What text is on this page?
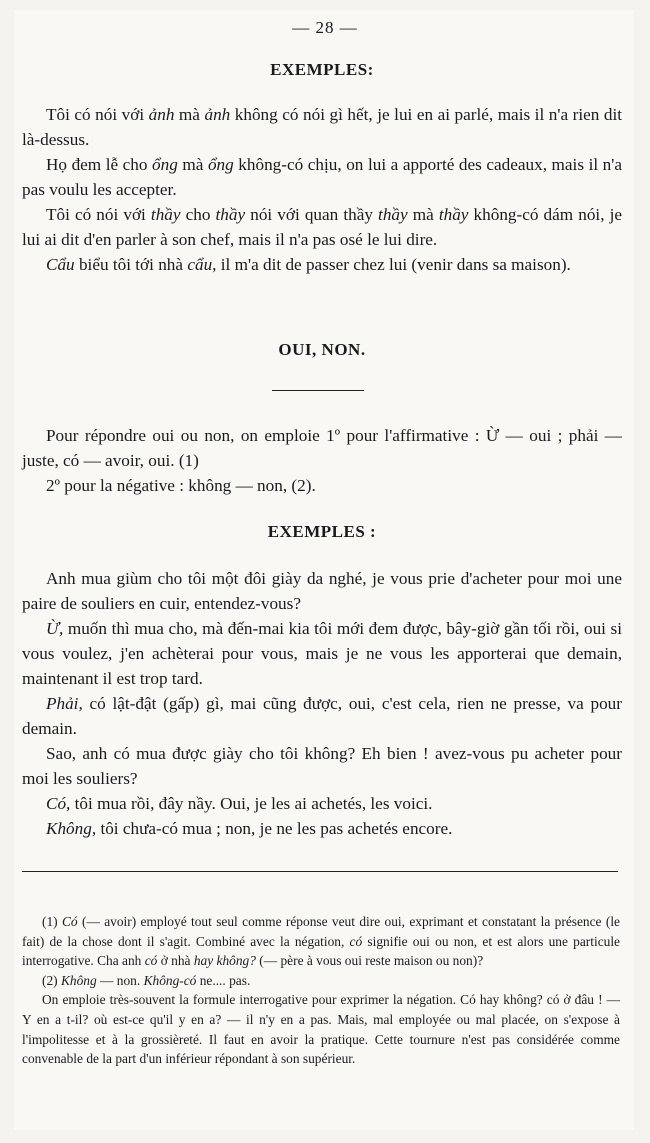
— 28 —

EXEMPLES:

Tôi có nói với ảnh mà ảnh không có nói gì hết, je lui en ai parlé, mais il n'a rien dit là-dessus.

Họ đem lễ cho ổng mà ổng không-có chịu, on lui a apporté des cadeaux, mais il n'a pas voulu les accepter.

Tôi có nói với thầy cho thầy nói với quan thầy thầy mà thầy không-có dám nói, je lui ai dit d'en parler à son chef, mais il n'a pas osé le lui dire.

Cẩu biểu tôi tới nhà cẩu, il m'a dit de passer chez lui (venir dans sa maison).

OUI, NON.

Pour répondre oui ou non, on emploie 1º pour l'affirmative : Ừ — oui ; phải — juste, có — avoir, oui. (1)

2º pour la négative : không — non, (2).

EXEMPLES :

Anh mua giùm cho tôi một đôi giày da nghé, je vous prie d'acheter pour moi une paire de souliers en cuir, entendez-vous?

Ừ, muốn thì mua cho, mà đến-mai kia tôi mới đem được, bây-giờ gần tối rồi, oui si vous voulez, j'en achèterai pour vous, mais je ne vous les apporterai que demain, maintenant il est trop tard.

Phải, có lật-đật (gấp) gì, mai cũng được, oui, c'est cela, rien ne presse, va pour demain.

Sao, anh có mua được giày cho tôi không? Eh bien ! avez-vous pu acheter pour moi les souliers?

Có, tôi mua rồi, đây nầy. Oui, je les ai achetés, les voici.

Không, tôi chưa-có mua ; non, je ne les pas achetés encore.

(1) Có (— avoir) employé tout seul comme réponse veut dire oui, exprimant et constatant la présence (le fait) de la chose dont il s'agit. Combiné avec la négation, có signifie oui ou non, et est alors une particule interrogative. Cha anh có ở nhà hay không? (— père à vous oui reste maison ou non)?

(2) Không — non. Không-có ne.... pas.

On emploie très-souvent la formule interrogative pour exprimer la négation. Có hay không? có ở đâu ! — Y en a t-il? où est-ce qu'il y en a? — il n'y en a pas. Mais, mal employée ou mal placée, on s'expose à l'impolitesse et à la grossièreté. Il faut en avoir la pratique. Cette tournure n'est pas considérée comme convenable de la part d'un inférieur répondant à son supérieur.
